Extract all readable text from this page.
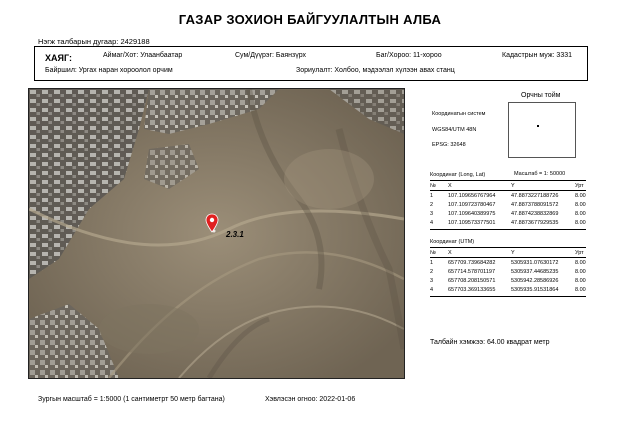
ГАЗАР ЗОХИОН БАЙГУУЛАЛТЫН АЛБА
Нэгж талбарын дугаар: 2429188
ХАЯГ:	Аймаг/Хот: Улаанбаатар	Сум/Дүүрэг: Баянзүрх	Баг/Хороо: 11-хороо	Кадастрын муж: 3331
Байршил: Ургах наран хороолол орчим	Зориулалт: Холбоо, мэдээлэл хүлээн авах станц
2.3.1
Орчны тойм
Координатын систем
WGS84/UTM 48N
EPSG: 32648
Масштаб = 1: 50000
Координат (Long, Lat)
№ X	Y	Урт
1	107.109656767964	47.8873227188726	8.00
2	107.109723780467	47.8873788091572	8.00
3	107.109640389975	47.8874238832869	8.00
4	107.109573377501	47.8873677929535	8.00
Координат (UTM)
№ X	Y	Урт
1	657709.739684282	5305931.07630172	8.00
2	657714.578701197	5305937.44685235	8.00
3	657708.208150571	5305942.28586926	8.00
4	657703.369133655	5305935.91531864	8.00
Талбайн хэмжээ: 64.00 квадрат метр
Зургын масштаб = 1:5000 (1 сантиметрт 50 метр багтана)	Хэвлэсэн огноо: 2022-01-06
